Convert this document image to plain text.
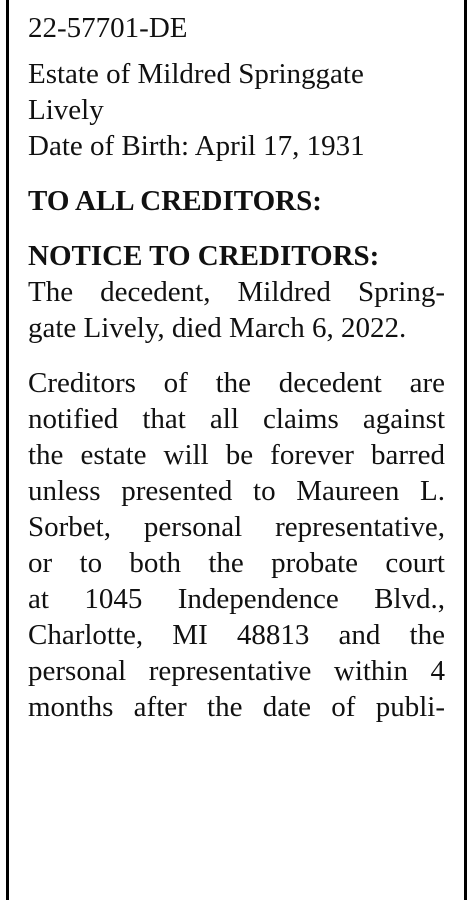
22-57701-DE

Estate of Mildred Springgate
Lively
Date of Birth: April 17, 1931

TO ALL CREDITORS:

NOTICE TO CREDITORS:
The decedent, Mildred Spring-
gate Lively, died March 6, 2022.
Creditors of the decedent are
notified that all claims against
the estate will be forever barred
unless presented to Maureen L.
Sorbet, personal representative,
or to both the probate court
at 1045 Independence Blvd.,
Charlotte, MI 48813 and the
personal representative within 4
months after the date of publi-
